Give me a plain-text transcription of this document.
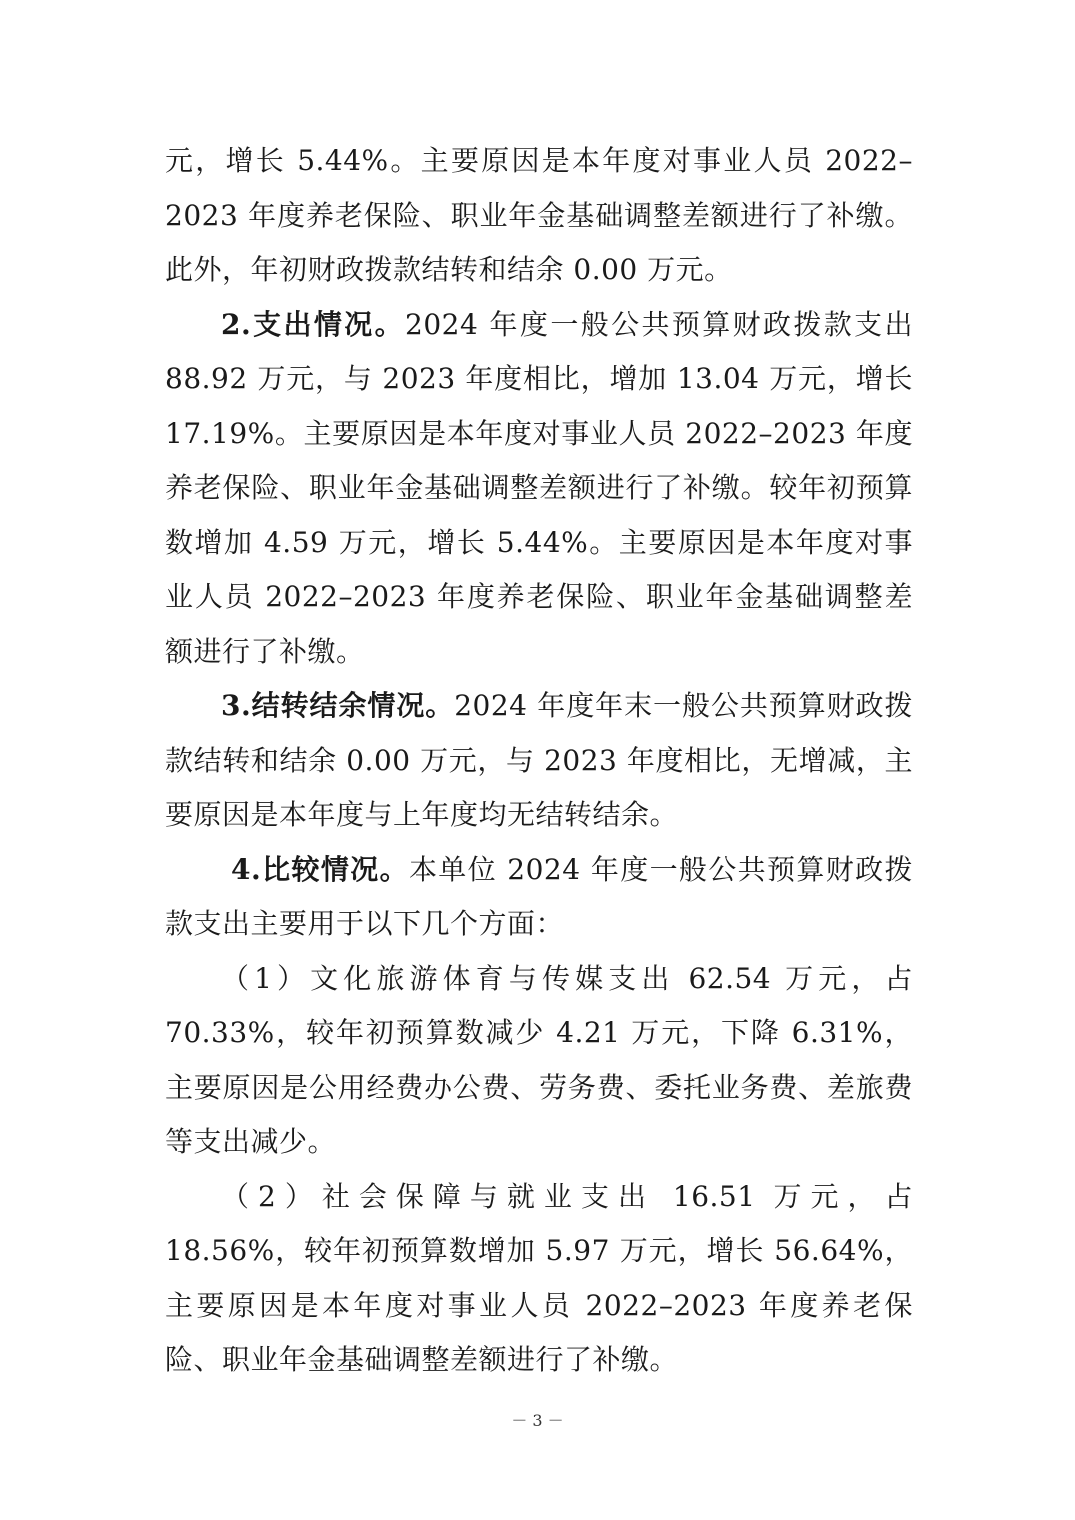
元，增长 5.44%。主要原因是本年度对事业人员 2022–2023 年度养老保险、职业年金基础调整差额进行了补缴。此外，年初财政拨款结转和结余 0.00 万元。

2.支出情况。2024 年度一般公共预算财政拨款支出 88.92 万元，与 2023 年度相比，增加 13.04 万元，增长 17.19%。主要原因是本年度对事业人员 2022–2023 年度养老保险、职业年金基础调整差额进行了补缴。较年初预算数增加 4.59 万元，增长 5.44%。主要原因是本年度对事业人员 2022–2023 年度养老保险、职业年金基础调整差额进行了补缴。

3.结转结余情况。2024 年度年末一般公共预算财政拨款结转和结余 0.00 万元，与 2023 年度相比，无增减，主要原因是本年度与上年度均无结转结余。

4.比较情况。本单位 2024 年度一般公共预算财政拨款支出主要用于以下几个方面：

（1）文化旅游体育与传媒支出 62.54 万元，占 70.33%，较年初预算数减少 4.21 万元，下降 6.31%，主要原因是公用经费办公费、劳务费、委托业务费、差旅费等支出减少。

（2）社会保障与就业支出 16.51 万元，占 18.56%，较年初预算数增加 5.97 万元，增长 56.64%，主要原因是本年度对事业人员 2022–2023 年度养老保险、职业年金基础调整差额进行了补缴。

－ 3 －
